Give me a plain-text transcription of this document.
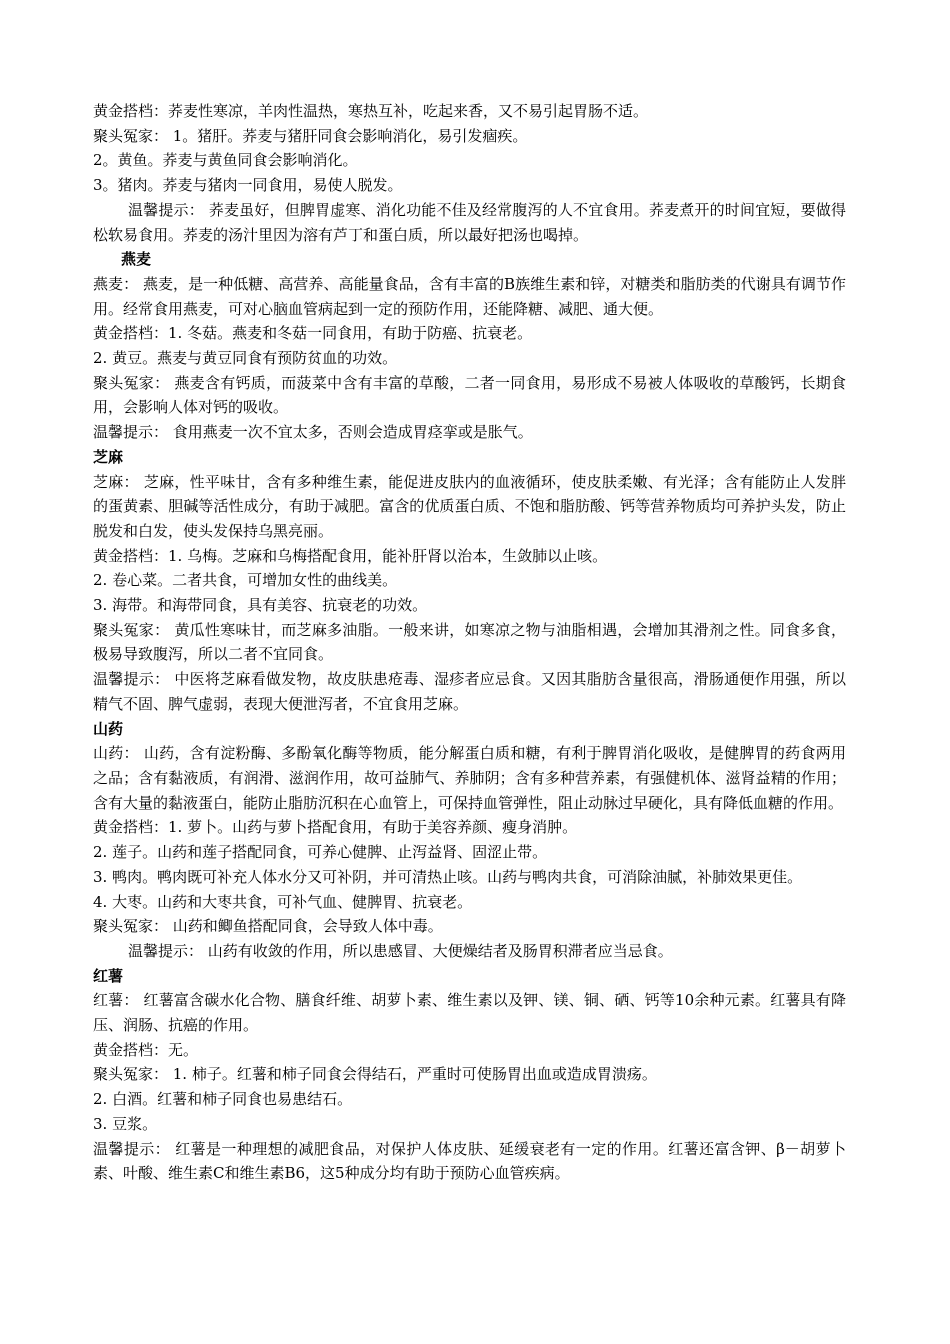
黄金搭档：荞麦性寒凉，羊肉性温热，寒热互补，吃起来香，又不易引起胃肠不适。

聚头冤家： 1。猪肝。荞麦与猪肝同食会影响消化，易引发痼疾。

2。黄鱼。荞麦与黄鱼同食会影响消化。

3。猪肉。荞麦与猪肉一同食用，易使人脱发。

温馨提示： 荞麦虽好，但脾胃虚寒、消化功能不佳及经常腹泻的人不宜食用。荞麦煮开的时间宜短，要做得松软易食用。荞麦的汤汁里因为溶有芦丁和蛋白质，所以最好把汤也喝掉。

燕麦

燕麦： 燕麦，是一种低糖、高营养、高能量食品，含有丰富的B族维生素和锌，对糖类和脂肪类的代谢具有调节作用。经常食用燕麦，可对心脑血管病起到一定的预防作用，还能降糖、减肥、通大便。

黄金搭档：1. 冬菇。燕麦和冬菇一同食用，有助于防癌、抗衰老。

2. 黄豆。燕麦与黄豆同食有预防贫血的功效。

聚头冤家： 燕麦含有钙质，而菠菜中含有丰富的草酸，二者一同食用，易形成不易被人体吸收的草酸钙，长期食用，会影响人体对钙的吸收。

温馨提示： 食用燕麦一次不宜太多，否则会造成胃痉挛或是胀气。

芝麻

芝麻： 芝麻，性平味甘，含有多种维生素，能促进皮肤内的血液循环，使皮肤柔嫩、有光泽；含有能防止人发胖的蛋黄素、胆碱等活性成分，有助于减肥。富含的优质蛋白质、不饱和脂肪酸、钙等营养物质均可养护头发，防止脱发和白发，使头发保持乌黑亮丽。

黄金搭档：1. 乌梅。芝麻和乌梅搭配食用，能补肝肾以治本，生敛肺以止咳。

2. 卷心菜。二者共食，可增加女性的曲线美。

3. 海带。和海带同食，具有美容、抗衰老的功效。

聚头冤家： 黄瓜性寒味甘，而芝麻多油脂。一般来讲，如寒凉之物与油脂相遇，会增加其滑剂之性。同食多食，极易导致腹泻，所以二者不宜同食。

温馨提示： 中医将芝麻看做发物，故皮肤患疮毒、湿疹者应忌食。又因其脂肪含量很高，滑肠通便作用强，所以精气不固、脾气虚弱，表现大便泄泻者，不宜食用芝麻。

山药

山药： 山药，含有淀粉酶、多酚氧化酶等物质，能分解蛋白质和糖，有利于脾胃消化吸收，是健脾胃的药食两用之品；含有黏液质，有润滑、滋润作用，故可益肺气、养肺阴；含有多种营养素，有强健机体、滋肾益精的作用；含有大量的黏液蛋白，能防止脂肪沉积在心血管上，可保持血管弹性，阻止动脉过早硬化，具有降低血糖的作用。

黄金搭档：1. 萝卜。山药与萝卜搭配食用，有助于美容养颜、瘦身消肿。

2. 莲子。山药和莲子搭配同食，可养心健脾、止泻益肾、固涩止带。

3. 鸭肉。鸭肉既可补充人体水分又可补阴，并可清热止咳。山药与鸭肉共食，可消除油腻，补肺效果更佳。

4. 大枣。山药和大枣共食，可补气血、健脾胃、抗衰老。

聚头冤家： 山药和鲫鱼搭配同食，会导致人体中毒。

温馨提示： 山药有收敛的作用，所以患感冒、大便燥结者及肠胃积滞者应当忌食。

红薯

红薯： 红薯富含碳水化合物、膳食纤维、胡萝卜素、维生素以及钾、镁、铜、硒、钙等10余种元素。红薯具有降压、润肠、抗癌的作用。

黄金搭档：无。

聚头冤家： 1. 柿子。红薯和柿子同食会得结石，严重时可使肠胃出血或造成胃溃疡。

2. 白酒。红薯和柿子同食也易患结石。

3. 豆浆。

温馨提示： 红薯是一种理想的减肥食品，对保护人体皮肤、延缓衰老有一定的作用。红薯还富含钾、β－胡萝卜素、叶酸、维生素C和维生素B6，这5种成分均有助于预防心血管疾病。
